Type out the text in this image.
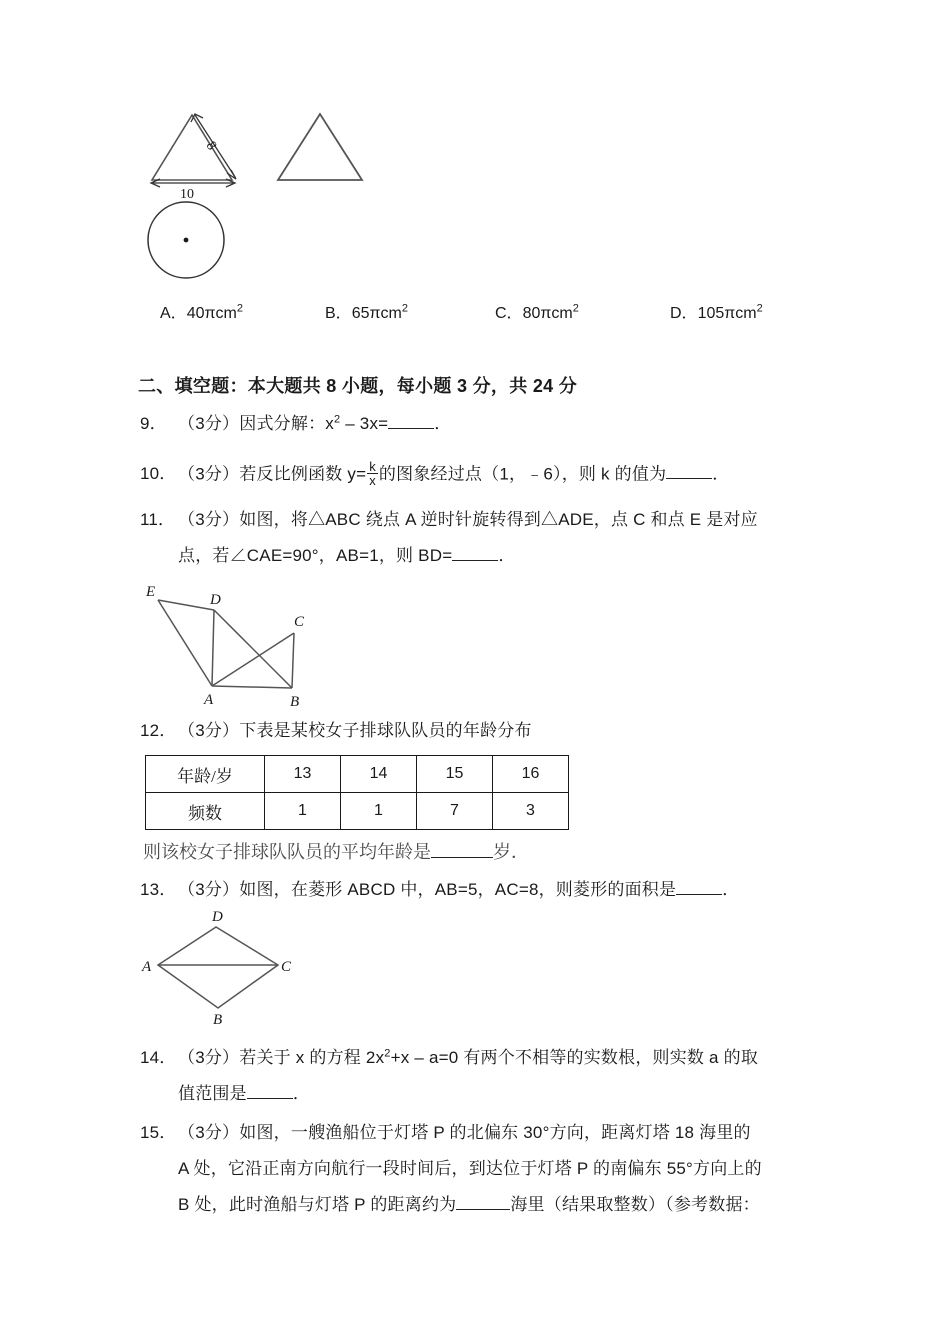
8
10
A．40πcm$^2$	B．65πcm$^2$	C．80πcm$^2$	D．105πcm$^2$
二、填空题：本大题共 8 小题，每小题 3 分，共 24 分
9． （3分）因式分解：$x^2 - 3x=$	．
10．（3分）若反比例函数 $y= \frac{k}{x}$ 的图象经过点（1，﹣6），则 k 的值为	．
11． （3分）如图，将△ABC 绕点 A 逆时针旋转得到△ADE，点 C 和点 E 是对应
点，若∠CAE=90°，AB=1，则 BD=	．
E	D
C
A	B
12．（3分）下表是某校女子排球队队员的年龄分布
年龄/岁	13	14	15	16
频数	1	1	7	3
则该校女子排球队队员的平均年龄是	岁．
13．（3分）如图，在菱形 ABCD 中，AB=5，AC=8，则菱形的面积是	．
A
D
C
B
14．（3分）若关于 x 的方程 $2x^2+x - a=0$ 有两个不相等的实数根，则实数 a 的取
值范围是	．
15．（3分）如图，一艘渔船位于灯塔 P 的北偏东 30°方向，距离灯塔 18 海里的
A 处，它沿正南方向航行一段时间后，到达位于灯塔 P 的南偏东 55°方向上的
B 处，此时渔船与灯塔 P 的距离约为	海里（结果取整数）（参考数据：
